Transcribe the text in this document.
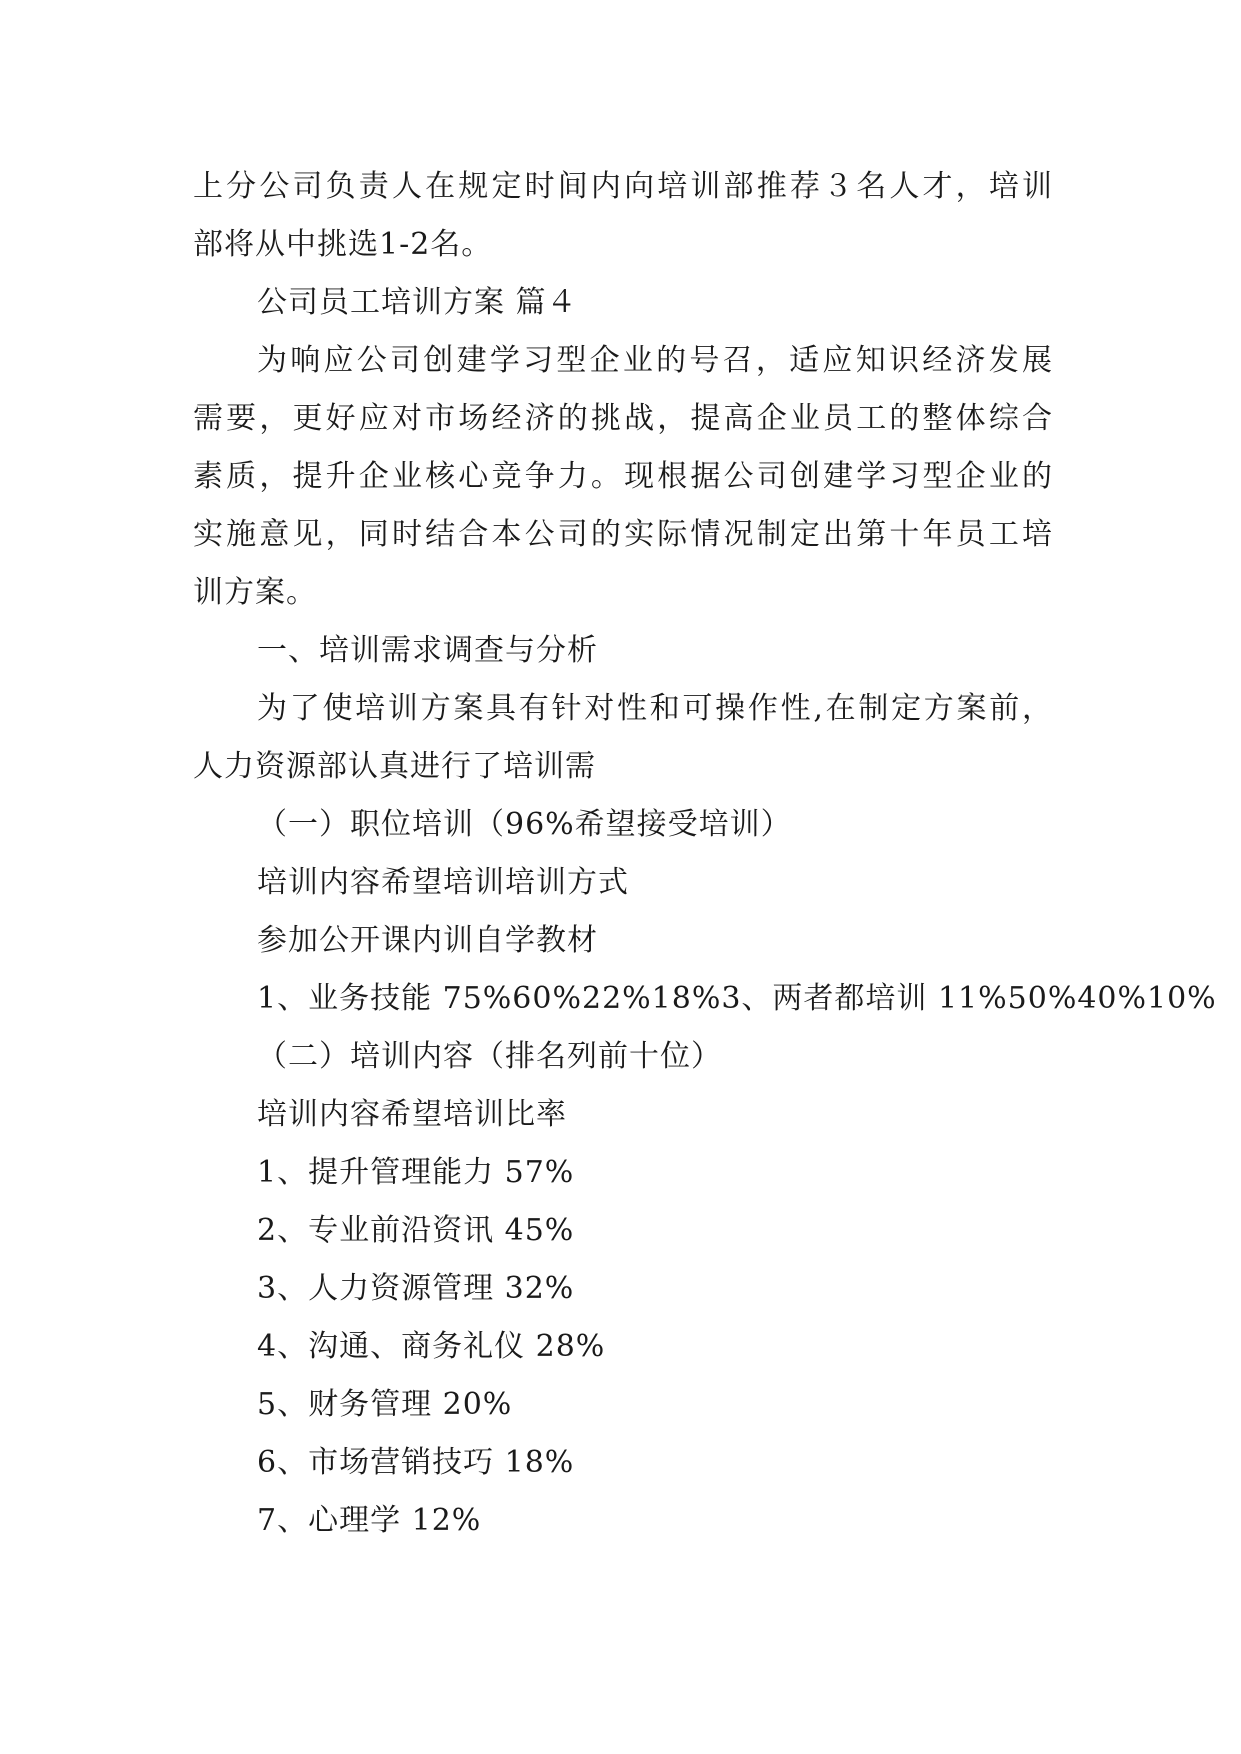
上分公司负责人在规定时间内向培训部推荐３名人才，培训
部将从中挑选1-2名。
公司员工培训方案 篇４
为响应公司创建学习型企业的号召，适应知识经济发展
需要，更好应对市场经济的挑战，提高企业员工的整体综合
素质，提升企业核心竞争力。现根据公司创建学习型企业的
实施意见，同时结合本公司的实际情况制定出第十年员工培
训方案。
一、培训需求调查与分析
为了使培训方案具有针对性和可操作性,在制定方案前，
人力资源部认真进行了培训需
（一）职位培训（96%希望接受培训）
培训内容希望培训培训方式
参加公开课内训自学教材
1、业务技能 75%60%22%18%3、两者都培训 11%50%40%10%
（二）培训内容（排名列前十位）
培训内容希望培训比率
1、提升管理能力 57%
2、专业前沿资讯 45%
3、人力资源管理 32%
4、沟通、商务礼仪 28%
5、财务管理 20%
6、市场营销技巧 18%
7、心理学 12%
